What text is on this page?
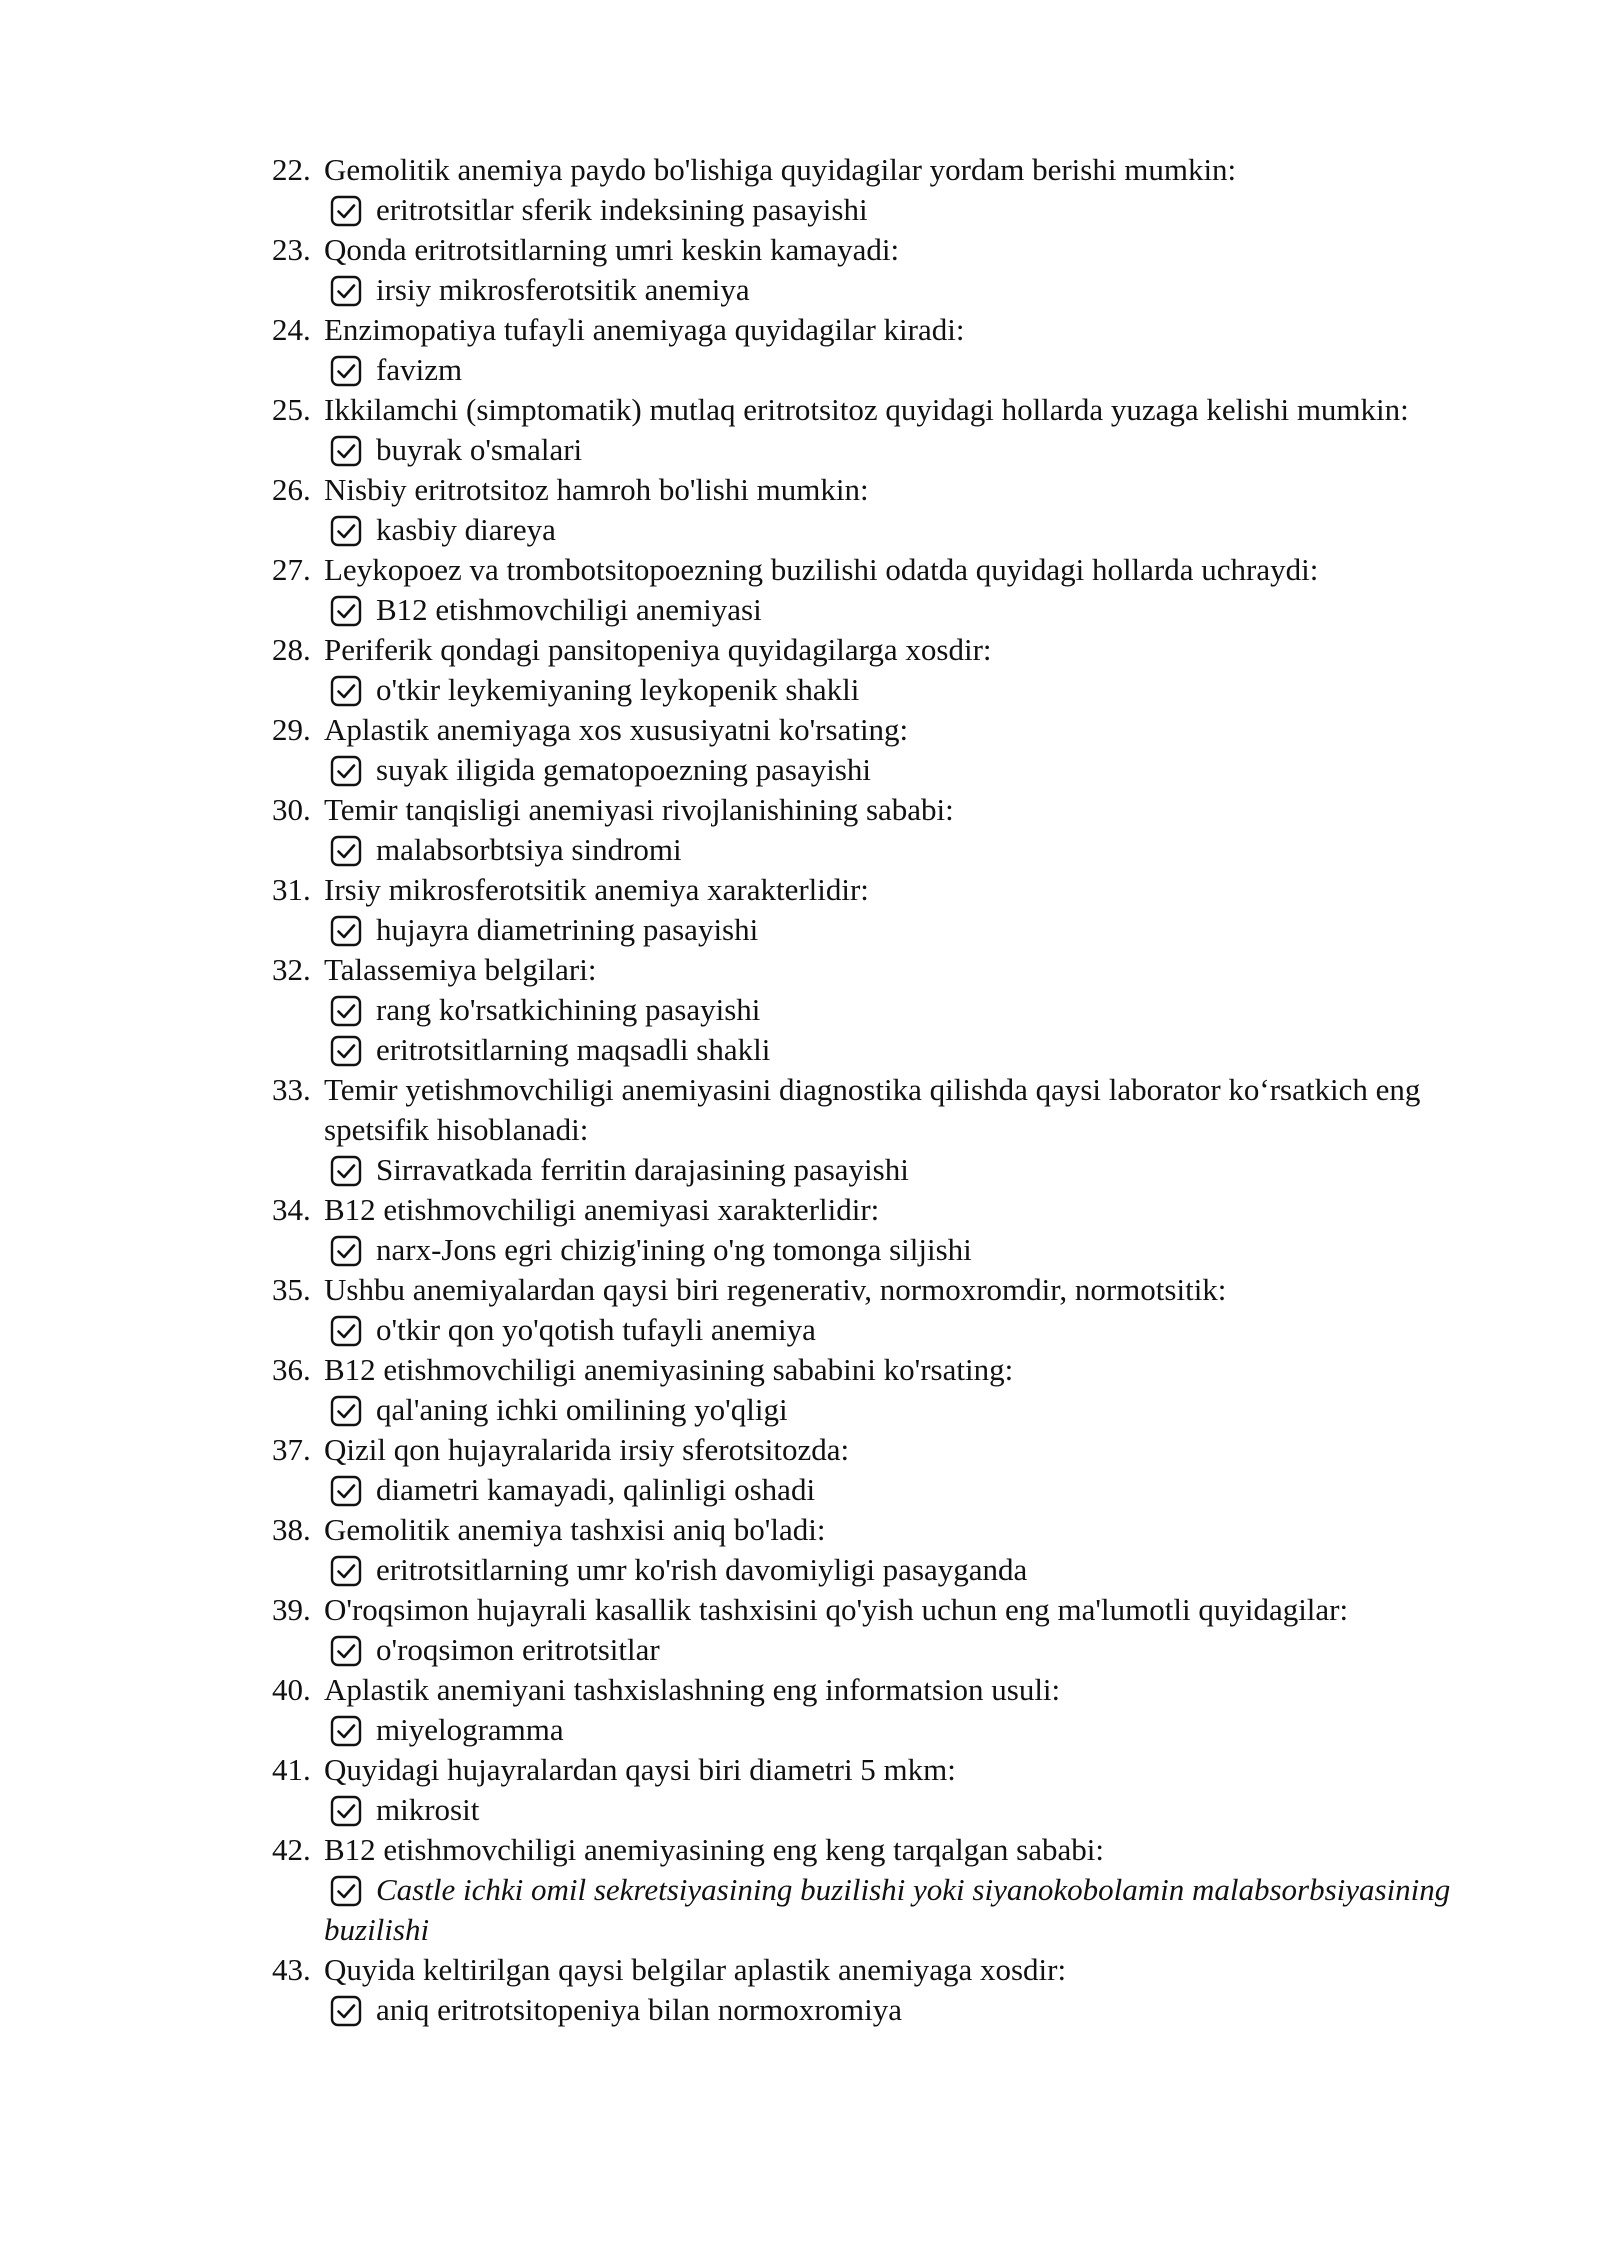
22. Gemolitik anemiya paydo bo'lishiga quyidagilar yordam berishi mumkin:
eritrotsitlar sferik indeksining pasayishi
23. Qonda eritrotsitlarning umri keskin kamayadi:
irsiy mikrosferotsitik anemiya
24. Enzimopatiya tufayli anemiyaga quyidagilar kiradi:
favizm
25. Ikkilamchi (simptomatik) mutlaq eritrotsitoz quyidagi hollarda yuzaga kelishi mumkin:
buyrak o'smalari
26. Nisbiy eritrotsitoz hamroh bo'lishi mumkin:
kasbiy diareya
27. Leykopoez va trombotsitopoezning buzilishi odatda quyidagi hollarda uchraydi:
B12 etishmovchiligi anemiyasi
28. Periferik qondagi pansitopeniya quyidagilarga xosdir:
o'tkir leykemiyaning leykopenik shakli
29. Aplastik anemiyaga xos xususiyatni ko'rsating:
suyak iligida gematopoezning pasayishi
30. Temir tanqisligi anemiyasi rivojlanishining sababi:
malabsorbtsiya sindromi
31. Irsiy mikrosferotsitik anemiya xarakterlidir:
hujayra diametrining pasayishi
32. Talassemiya belgilari:
rang ko'rsatkichining pasayishi
eritrotsitlarning maqsadli shakli
33. Temir yetishmovchiligi anemiyasini diagnostika qilishda qaysi laborator ko‘rsatkich eng spetsifik hisoblanadi:
Sirravatkada ferritin darajasining pasayishi
34. B12 etishmovchiligi anemiyasi xarakterlidir:
narx-Jons egri chizig'ining o'ng tomonga siljishi
35. Ushbu anemiyalardan qaysi biri regenerativ, normoxromdir, normotsitik:
o'tkir qon yo'qotish tufayli anemiya
36. B12 etishmovchiligi anemiyasining sababini ko'rsating:
qal'aning ichki omilining yo'qligi
37. Qizil qon hujayralarida irsiy sferotsitozda:
diametri kamayadi, qalinligi oshadi
38. Gemolitik anemiya tashxisi aniq bo'ladi:
eritrotsitlarning umr ko'rish davomiyligi pasayganda
39. O'roqsimon hujayrali kasallik tashxisini qo'yish uchun eng ma'lumotli quyidagilar:
o'roqsimon eritrotsitlar
40. Aplastik anemiyani tashxislashning eng informatsion usuli:
miyelogramma
41. Quyidagi hujayralardan qaysi biri diametri 5 mkm:
mikrosit
42. B12 etishmovchiligi anemiyasining eng keng tarqalgan sababi:
Castle ichki omil sekretsiyasining buzilishi yoki siyanokobolamin malabsorbsiyasining buzilishi
43. Quyida keltirilgan qaysi belgilar aplastik anemiyaga xosdir:
aniq eritrotsitopeniya bilan normoxromiya
